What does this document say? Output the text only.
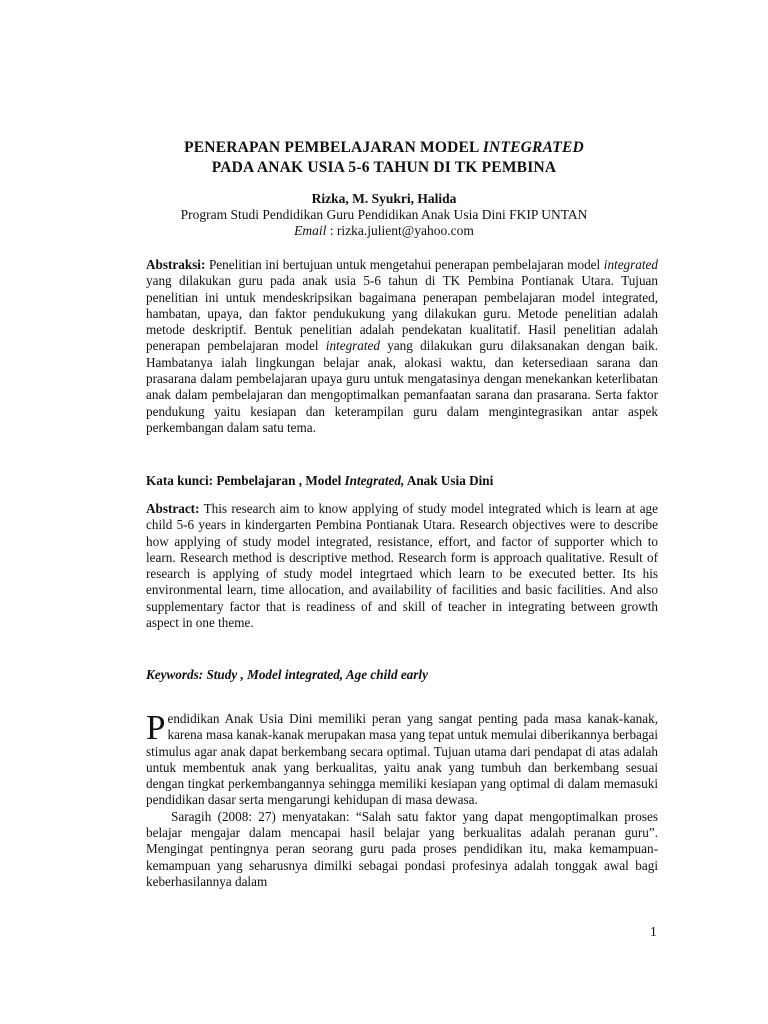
PENERAPAN PEMBELAJARAN MODEL INTEGRATED
PADA ANAK USIA 5-6 TAHUN DI TK PEMBINA
Rizka, M. Syukri, Halida
Program Studi Pendidikan Guru Pendidikan Anak Usia Dini FKIP UNTAN
Email : rizka.julient@yahoo.com
Abstraksi: Penelitian ini bertujuan untuk mengetahui penerapan pembelajaran model integrated yang dilakukan guru pada anak usia 5-6 tahun di TK Pembina Pontianak Utara. Tujuan penelitian ini untuk mendeskripsikan bagaimana penerapan pembelajaran model integrated, hambatan, upaya, dan faktor pendukukung yang dilakukan guru. Metode penelitian adalah metode deskriptif. Bentuk penelitian adalah pendekatan kualitatif. Hasil penelitian adalah penerapan pembelajaran model integrated yang dilakukan guru dilaksanakan dengan baik. Hambatanya ialah lingkungan belajar anak, alokasi waktu, dan ketersediaan sarana dan prasarana dalam pembelajaran upaya guru untuk mengatasinya dengan menekankan keterlibatan anak dalam pembelajaran dan mengoptimalkan pemanfaatan sarana dan prasarana. Serta faktor pendukung yaitu kesiapan dan keterampilan guru dalam mengintegrasikan antar aspek perkembangan dalam satu tema.
Kata kunci: Pembelajaran , Model Integrated, Anak Usia Dini
Abstract: This research aim to know applying of study model integrated which is learn at age child 5-6 years in kindergarten Pembina Pontianak Utara. Research objectives were to describe how applying of study model integrated, resistance, effort, and factor of supporter which to learn. Research method is descriptive method. Research form is approach qualitative. Result of research is applying of study model integrtaed which learn to be executed better. Its his environmental learn, time allocation, and availability of facilities and basic facilities. And also supplementary factor that is readiness of and skill of teacher in integrating between growth aspect in one theme.
Keywords: Study , Model integrated, Age child early
Pendidikan Anak Usia Dini memiliki peran yang sangat penting pada masa kanak-kanak, karena masa kanak-kanak merupakan masa yang tepat untuk memulai diberikannya berbagai stimulus agar anak dapat berkembang secara optimal. Tujuan utama dari pendapat di atas adalah untuk membentuk anak yang berkualitas, yaitu anak yang tumbuh dan berkembang sesuai dengan tingkat perkembangannya sehingga memiliki kesiapan yang optimal di dalam memasuki pendidikan dasar serta mengarungi kehidupan di masa dewasa.
Saragih (2008: 27) menyatakan: “Salah satu faktor yang dapat mengoptimalkan proses belajar mengajar dalam mencapai hasil belajar yang berkualitas adalah peranan guru”. Mengingat pentingnya peran seorang guru pada proses pendidikan itu, maka kemampuan-kemampuan yang seharusnya dimilki sebagai pondasi profesinya adalah tonggak awal bagi keberhasilannya dalam
1
